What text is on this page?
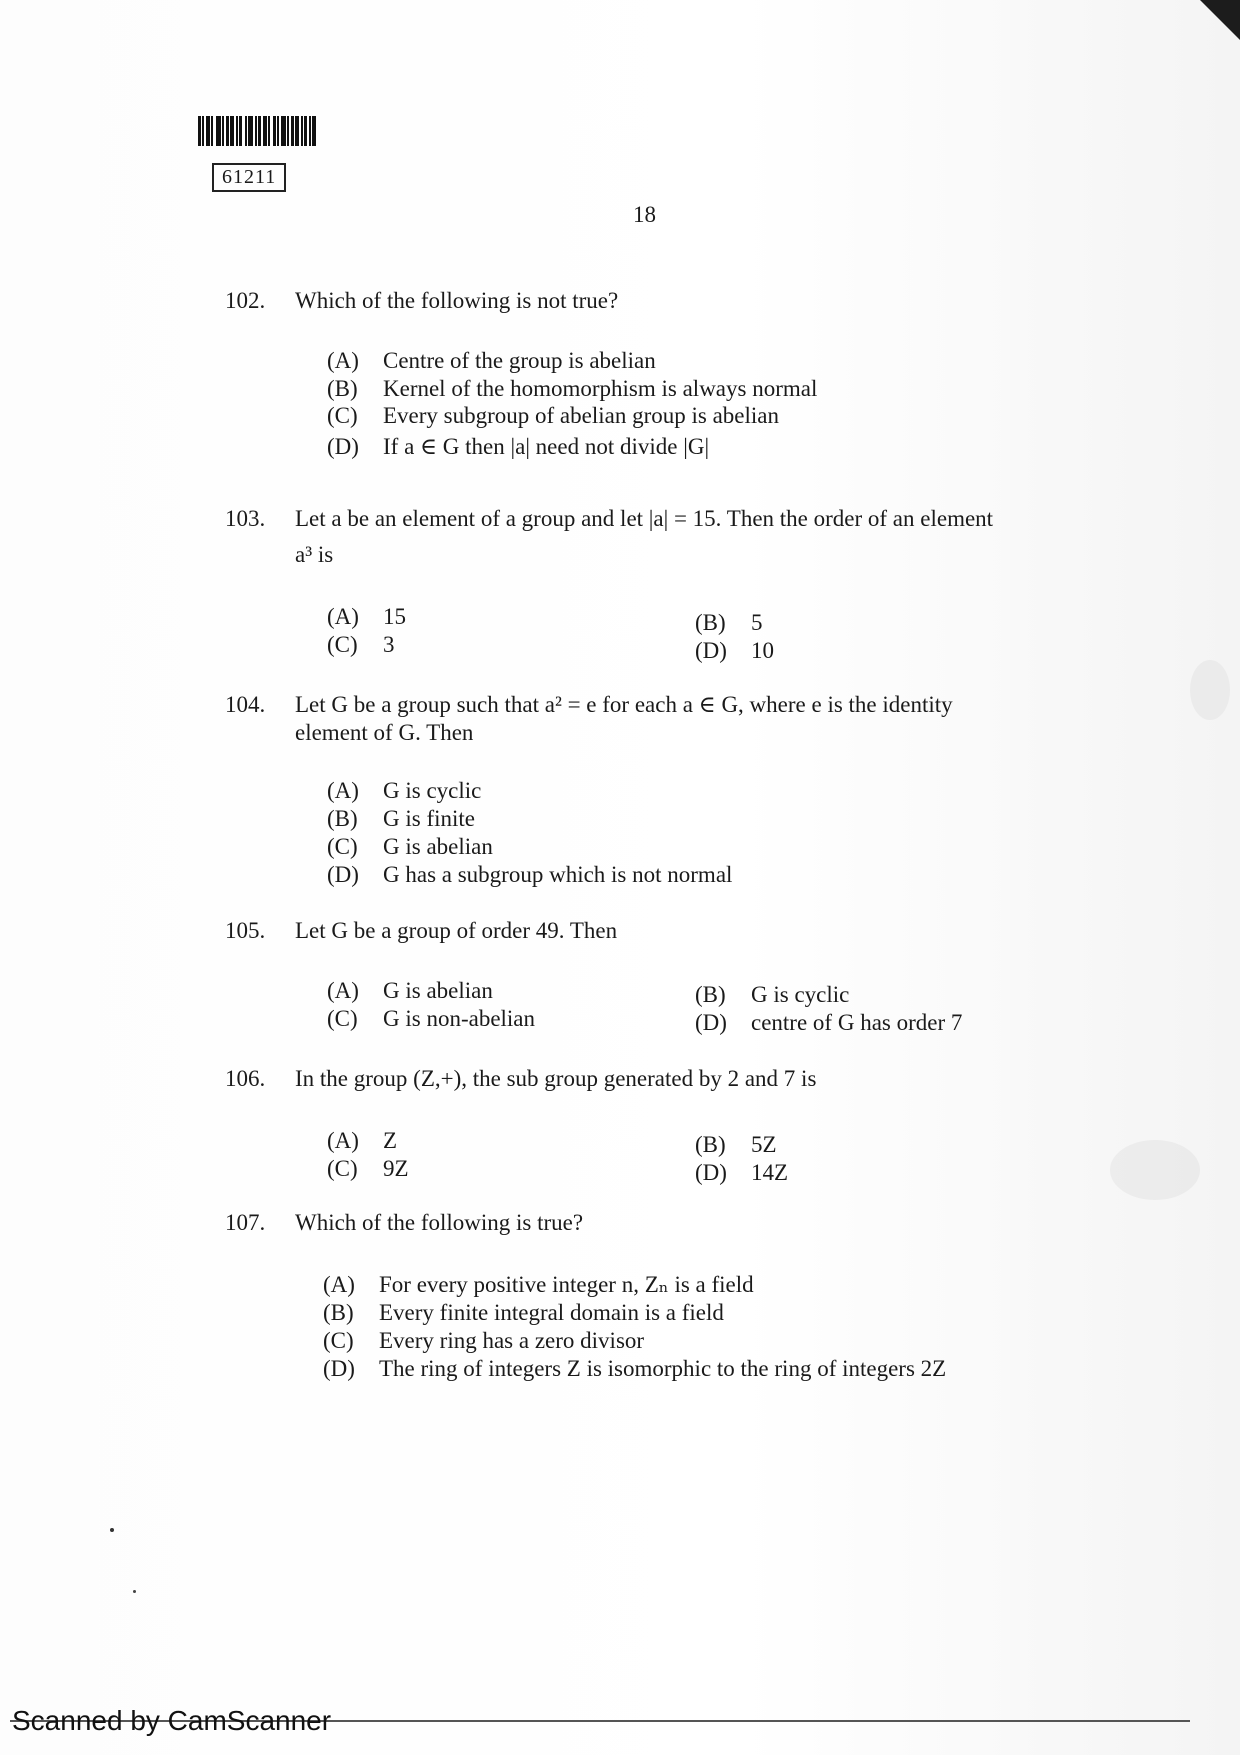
61211
18
102. Which of the following is not true?
(A) Centre of the group is abelian
(B) Kernel of the homomorphism is always normal
(C) Every subgroup of abelian group is abelian
(D) If a ∈ G then |a| need not divide |G|
103. Let a be an element of a group and let |a| = 15. Then the order of an element
a³ is
(A) 15	(B) 5
(C) 3	(D) 10
104. Let G be a group such that a² = e for each a ∈ G, where e is the identity
element of G. Then
(A) G is cyclic
(B) G is finite
(C) G is abelian
(D) G has a subgroup which is not normal
105. Let G be a group of order 49. Then
(A) G is abelian	(B) G is cyclic
(C) G is non-abelian	(D) centre of G has order 7
106. In the group (Z,+), the sub group generated by 2 and 7 is
(A) Z	(B) 5Z
(C) 9Z	(D) 14Z
107. Which of the following is true?
(A) For every positive integer n, Zₙ is a field
(B) Every finite integral domain is a field
(C) Every ring has a zero divisor
(D) The ring of integers Z is isomorphic to the ring of integers 2Z
Scanned by CamScanner
